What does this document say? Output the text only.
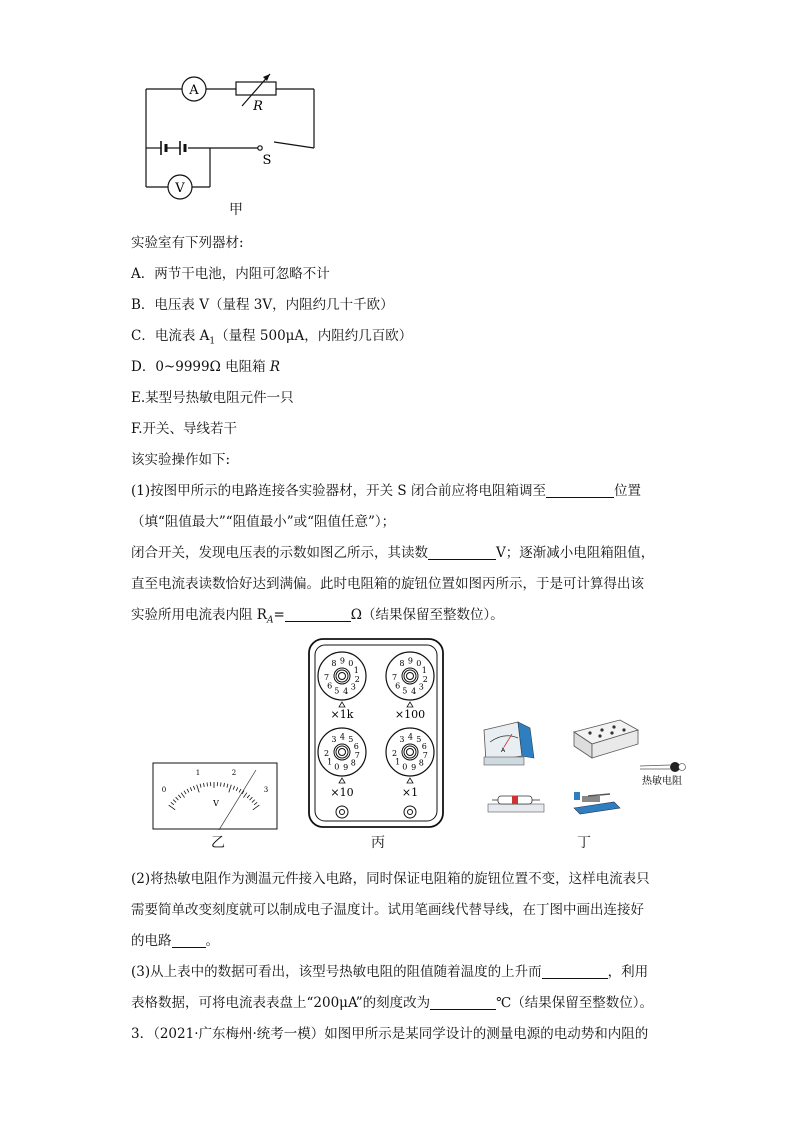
A
V
R
S
甲
实验室有下列器材:
A．两节干电池，内阻可忽略不计
B．电压表 V（量程 3V，内阻约几十千欧）
C．电流表 $A_1$（量程 500μA，内阻约几百欧）
D．0~9999Ω 电阻箱 R
E.某型号热敏电阻元件一只
F.开关、导线若干
该实验操作如下:
(1)按图甲所示的电路连接各实验器材，开关 S 闭合前应将电阻箱调至	位置
（填“阻值最大”“阻值最小”或“阻值任意”）；
闭合开关，发现电压表的示数如图乙所示，其读数	V；逐渐减小电阻箱阻值，
直至电流表读数恰好达到满偏。此时电阻箱的旋钮位置如图丙所示，于是可计算得出该
实验所用电流表内阻 $R_A=$	Ω（结果保留至整数位）。
0
1	2
3
V
乙
8 9 0
1
2
3
4
5
6
7
8 9 0
1
2
3
4
5
6
7
3 4 5
6
7
8
9
0
1
2
3 4 5
6
7
8
9
0
1
2
×1k	×100
×10	×1
丙
A
热敏电阻
丁
(2)将热敏电阻作为测温元件接入电路，同时保证电阻箱的旋钮位置不变，这样电流表只
需要简单改变刻度就可以制成电子温度计。试用笔画线代替导线，在丁图中画出连接好
的电路	。
(3)从上表中的数据可看出，该型号热敏电阻的阻值随着温度的上升而	，利用
表格数据，可将电流表表盘上“200μA”的刻度改为	℃（结果保留至整数位）。
3．（2021·广东梅州·统考一模）如图甲所示是某同学设计的测量电源的电动势和内阻的
